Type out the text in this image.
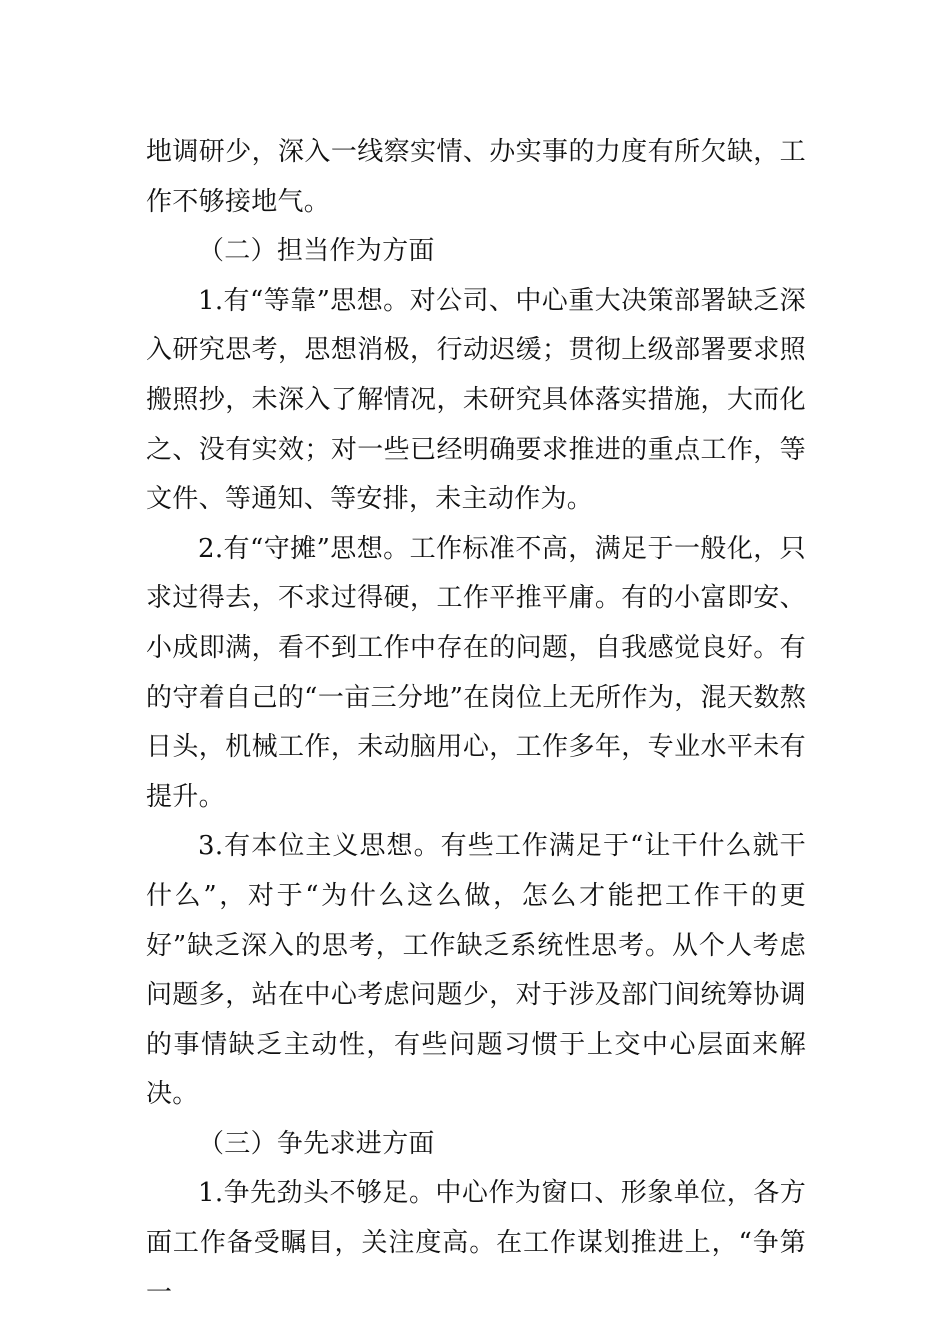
地调研少，深入一线察实情、办实事的力度有所欠缺，工作不够接地气。

（二）担当作为方面

1.有“等靠”思想。对公司、中心重大决策部署缺乏深入研究思考，思想消极，行动迟缓；贯彻上级部署要求照搬照抄，未深入了解情况，未研究具体落实措施，大而化之、没有实效；对一些已经明确要求推进的重点工作，等文件、等通知、等安排，未主动作为。

2.有“守摊”思想。工作标准不高，满足于一般化，只求过得去，不求过得硬，工作平推平庸。有的小富即安、小成即满，看不到工作中存在的问题，自我感觉良好。有的守着自己的“一亩三分地”在岗位上无所作为，混天数熬日头，机械工作，未动脑用心，工作多年，专业水平未有提升。

3.有本位主义思想。有些工作满足于“让干什么就干什么”，对于“为什么这么做，怎么才能把工作干的更好”缺乏深入的思考，工作缺乏系统性思考。从个人考虑问题多，站在中心考虑问题少，对于涉及部门间统筹协调的事情缺乏主动性，有些问题习惯于上交中心层面来解决。

（三）争先求进方面

1.争先劲头不够足。中心作为窗口、形象单位，各方面工作备受瞩目，关注度高。在工作谋划推进上，“争第一
